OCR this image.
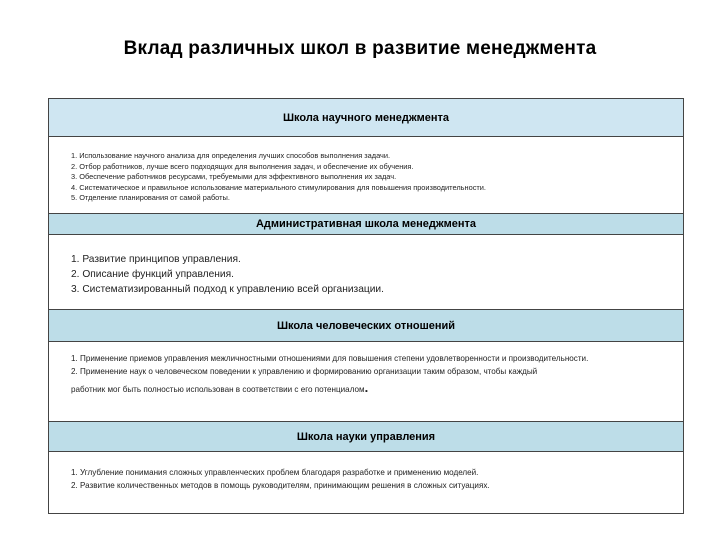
Вклад различных школ в развитие менеджмента
Школа научного менеджмента

1. Использование научного анализа для определения лучших способов выполнения задачи.

2. Отбор работников, лучше всего подходящих для выполнения задач, и обеспечение их обучения.

3. Обеспечение работников ресурсами, требуемыми для эффективного выполнения их задач.

4. Систематическое и правильное использование материального стимулирования для повышения производительности.

5. Отделение планирования от самой работы.

Административная школа менеджмента

1. Развитие принципов управления.

2. Описание функций управления.

3. Систематизированный подход к управлению всей организации.

Школа человеческих отношений

1. Применение приемов управления межличностными отношениями для повышения степени удовлетворенности и производительности.

2. Применение наук о человеческом поведении к управлению и формированию организации таким образом, чтобы каждый

работник мог быть полностью использован в соответствии с его потенциалом.

Школа науки управления

1. Углубление понимания сложных управленческих проблем благодаря разработке и применению моделей.

2. Развитие количественных методов в помощь руководителям, принимающим решения в сложных ситуациях.
